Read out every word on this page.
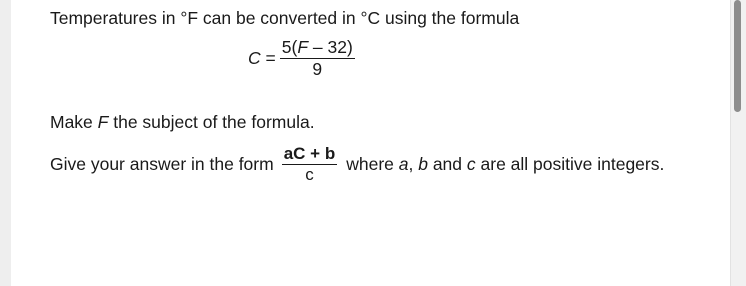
Temperatures in °F can be converted in °C using the formula
$C = \frac{5(F - 32)}{9}$
Make F the subject of the formula.
Give your answer in the form $\frac{aC + b}{c}$ where a, b and c are all positive integers.
